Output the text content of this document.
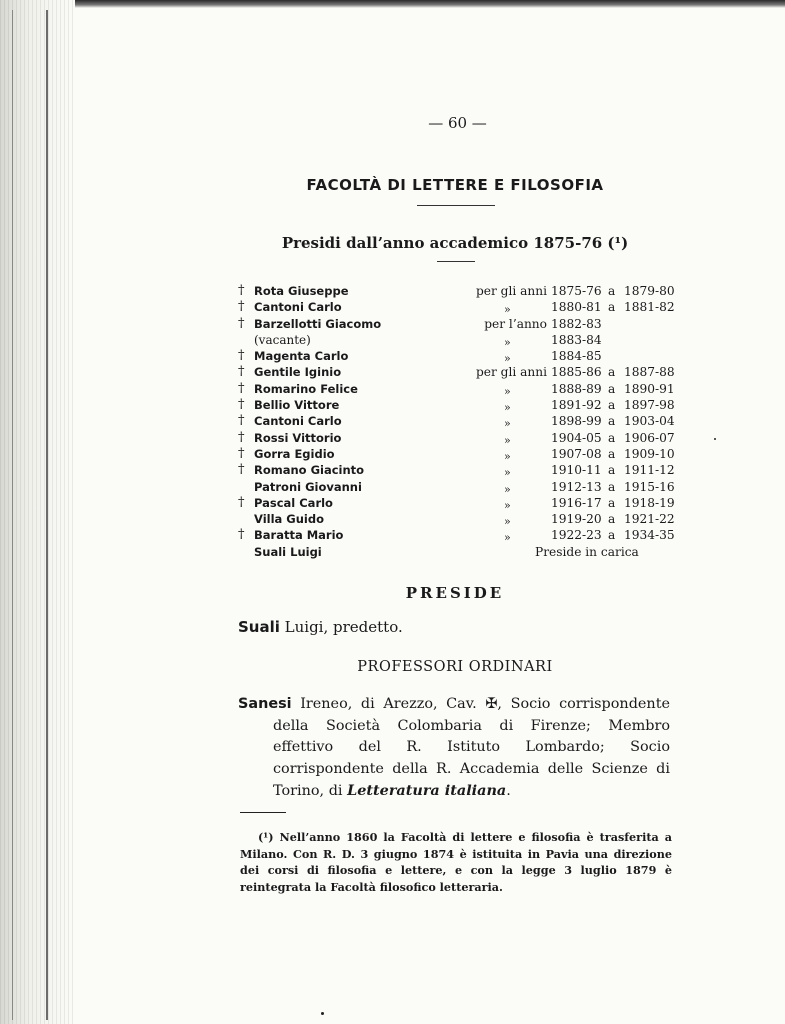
— 60 —
FACOLTÀ DI LETTERE E FILOSOFIA
Presidi dall’anno accademico 1875-76 (¹)
† Rota Giuseppe	per gli anni 1875-76 a 1879-80
† Cantoni Carlo	»	1880-81 a 1881-82
† Barzellotti Giacomo	per l’anno 1882-83
(vacante)	»	1883-84
† Magenta Carlo	»	1884-85
† Gentile Iginio	per gli anni 1885-86 a 1887-88
† Romarino Felice	»	1888-89 a 1890-91
† Bellio Vittore	»	1891-92 a 1897-98
† Cantoni Carlo	»	1898-99 a 1903-04
† Rossi Vittorio	»	1904-05 a 1906-07
† Gorra Egidio	»	1907-08 a 1909-10
† Romano Giacinto	»	1910-11 a 1911-12
Patroni Giovanni	»	1912-13 a 1915-16
† Pascal Carlo	»	1916-17 a 1918-19
Villa Guido	»	1919-20 a 1921-22
† Baratta Mario	»	1922-23 a 1934-35
Suali Luigi	Preside in carica
PRESIDE
Suali Luigi, predetto.
PROFESSORI ORDINARI
Sanesi Ireneo, di Arezzo, Cav. ✠, Socio corrispondente della Società Colombaria di Firenze; Membro effettivo del R. Istituto Lombardo; Socio corrispondente della R. Accademia delle Scienze di Torino, di Letteratura italiana.
(¹) Nell’anno 1860 la Facoltà di lettere e filosofia è trasferita a Milano. Con R. D. 3 giugno 1874 è istituita in Pavia una direzione dei corsi di filosofia e lettere, e con la legge 3 luglio 1879 è reintegrata la Facoltà filosofico letteraria.
